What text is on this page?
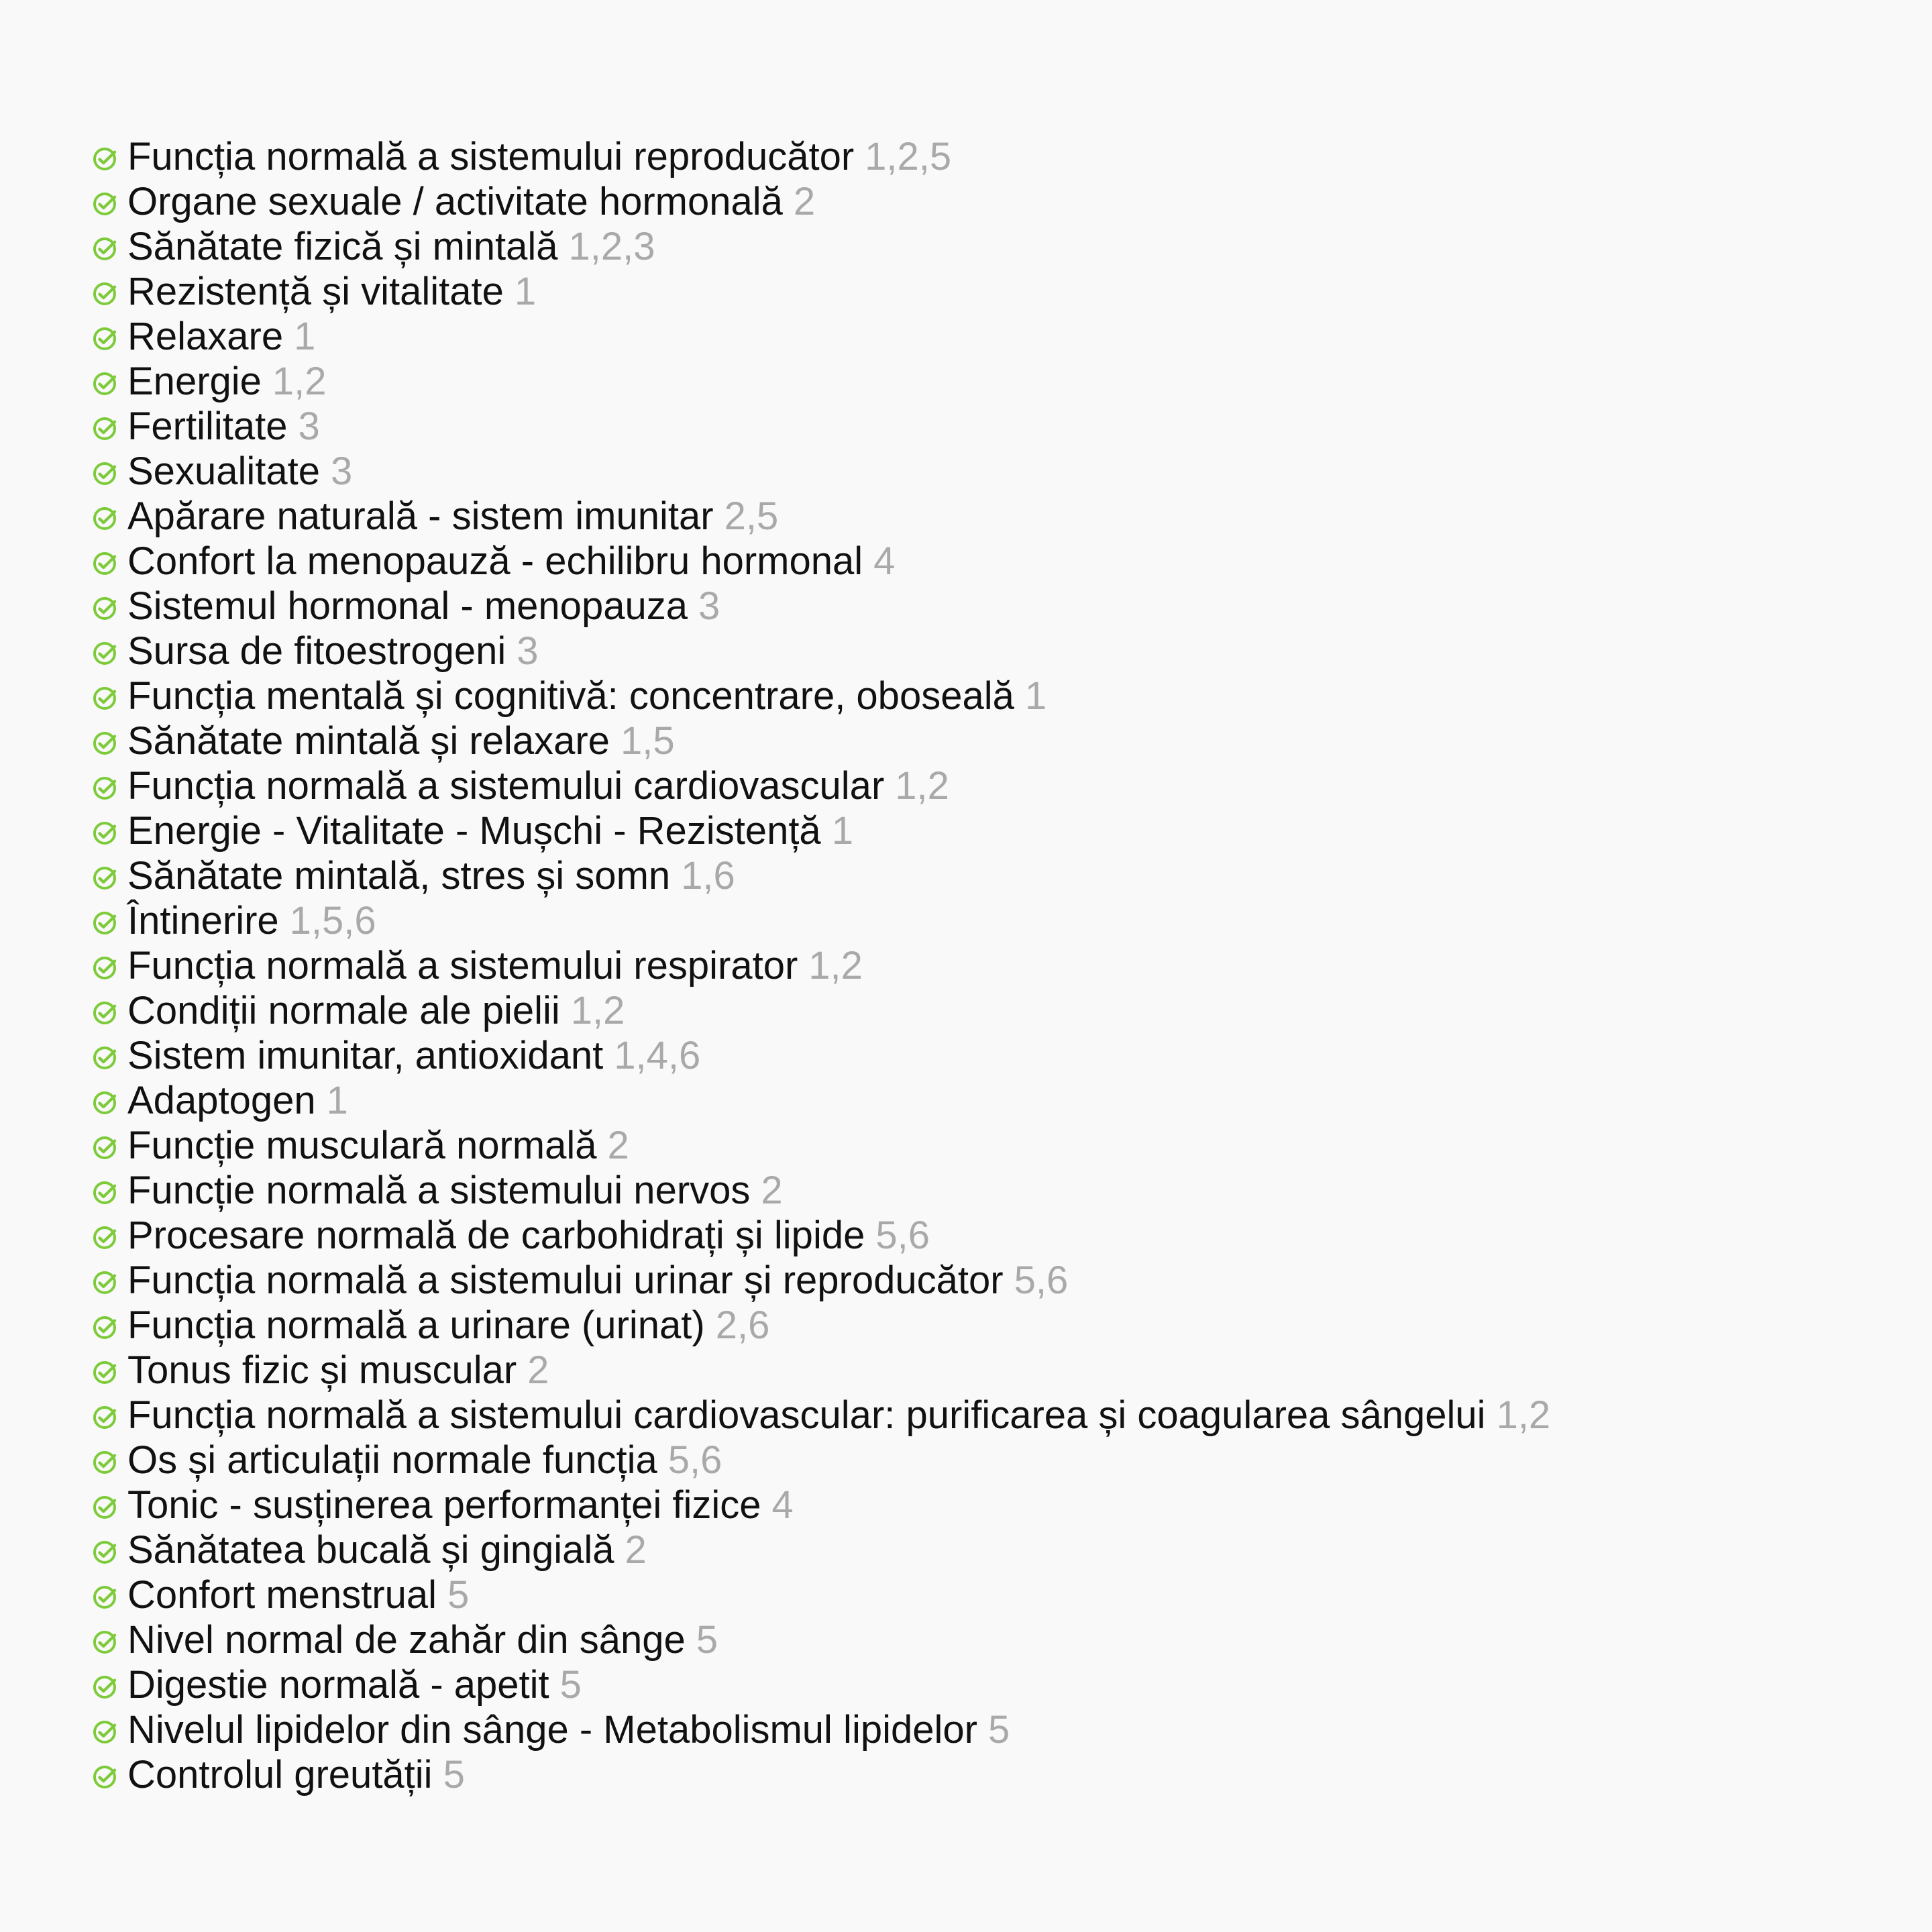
Funcția normală a sistemului reproducător 1,2,5
Organe sexuale / activitate hormonală 2
Sănătate fizică și mintală 1,2,3
Rezistență și vitalitate 1
Relaxare 1
Energie 1,2
Fertilitate 3
Sexualitate 3
Apărare naturală - sistem imunitar 2,5
Confort la menopauză - echilibru hormonal 4
Sistemul hormonal - menopauza 3
Sursa de fitoestrogeni 3
Funcția mentală și cognitivă: concentrare, oboseală 1
Sănătate mintală și relaxare 1,5
Funcția normală a sistemului cardiovascular 1,2
Energie - Vitalitate - Mușchi - Rezistență 1
Sănătate mintală, stres și somn 1,6
Întinerire 1,5,6
Funcția normală a sistemului respirator 1,2
Condiții normale ale pielii 1,2
Sistem imunitar, antioxidant 1,4,6
Adaptogen 1
Funcție musculară normală 2
Funcție normală a sistemului nervos 2
Procesare normală de carbohidrați și lipide 5,6
Funcția normală a sistemului urinar și reproducător 5,6
Funcția normală a urinare (urinat) 2,6
Tonus fizic și muscular 2
Funcția normală a sistemului cardiovascular: purificarea și coagularea sângelui 1,2
Os și articulații normale funcția 5,6
Tonic - susținerea performanței fizice 4
Sănătatea bucală și gingială 2
Confort menstrual 5
Nivel normal de zahăr din sânge 5
Digestie normală - apetit 5
Nivelul lipidelor din sânge - Metabolismul lipidelor 5
Controlul greutății 5
